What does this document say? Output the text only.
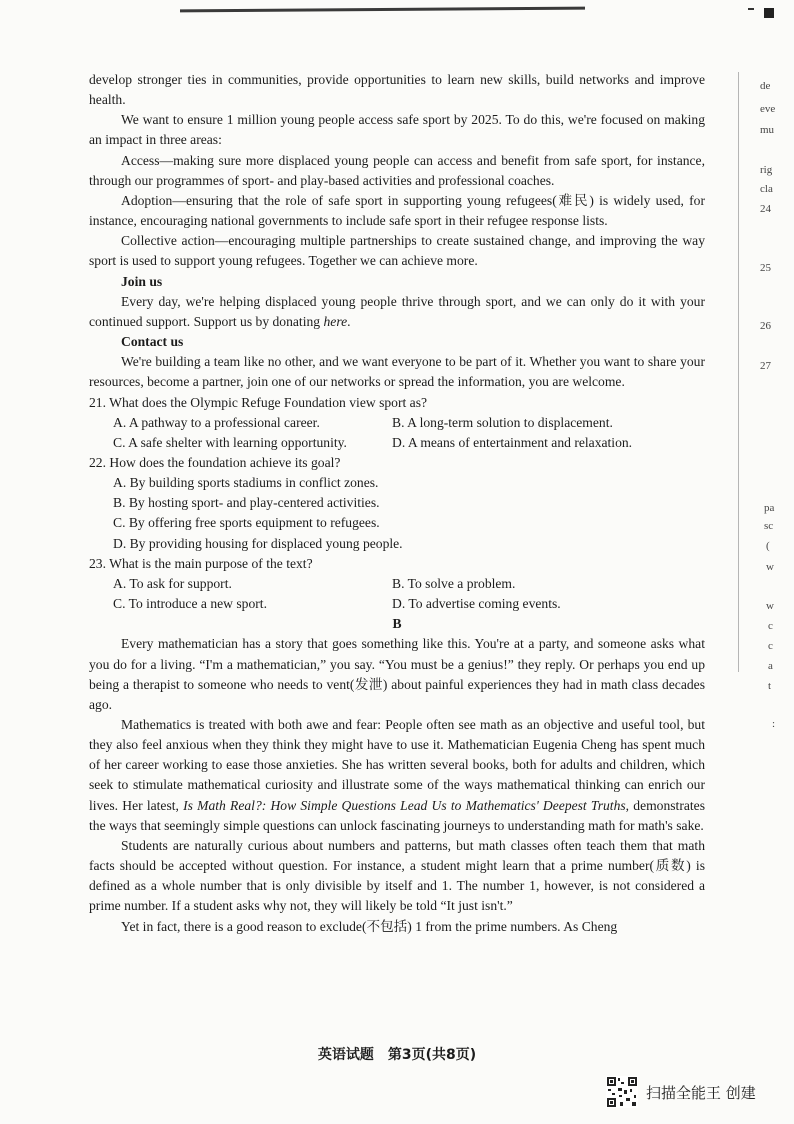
develop stronger ties in communities, provide opportunities to learn new skills, build networks and improve health.

We want to ensure 1 million young people access safe sport by 2025. To do this, we're focused on making an impact in three areas:

Access—making sure more displaced young people can access and benefit from safe sport, for instance, through our programmes of sport- and play-based activities and professional coaches.

Adoption—ensuring that the role of safe sport in supporting young refugees(难民) is widely used, for instance, encouraging national governments to include safe sport in their refugee response lists.

Collective action—encouraging multiple partnerships to create sustained change, and improving the way sport is used to support young refugees. Together we can achieve more.

Join us

Every day, we're helping displaced young people thrive through sport, and we can only do it with your continued support. Support us by donating here.

Contact us

We're building a team like no other, and we want everyone to be part of it. Whether you want to share your resources, become a partner, join one of our networks or spread the information, you are welcome.

21. What does the Olympic Refuge Foundation view sport as?

A. A pathway to a professional career.	B. A long-term solution to displacement.
C. A safe shelter with learning opportunity.	D. A means of entertainment and relaxation.

22. How does the foundation achieve its goal?

A. By building sports stadiums in conflict zones.

B. By hosting sport- and play-centered activities.

C. By offering free sports equipment to refugees.

D. By providing housing for displaced young people.

23. What is the main purpose of the text?

A. To ask for support.	B. To solve a problem.
C. To introduce a new sport.	D. To advertise coming events.

B

Every mathematician has a story that goes something like this. You're at a party, and someone asks what you do for a living. “I'm a mathematician,” you say. “You must be a genius!” they reply. Or perhaps you end up being a therapist to someone who needs to vent(发泄) about painful experiences they had in math class decades ago.

Mathematics is treated with both awe and fear: People often see math as an objective and useful tool, but they also feel anxious when they think they might have to use it. Mathematician Eugenia Cheng has spent much of her career working to ease those anxieties. She has written several books, both for adults and children, which seek to stimulate mathematical curiosity and illustrate some of the ways mathematical thinking can enrich our lives. Her latest, Is Math Real?: How Simple Questions Lead Us to Mathematics' Deepest Truths, demonstrates the ways that seemingly simple questions can unlock fascinating journeys to understanding math for math's sake.

Students are naturally curious about numbers and patterns, but math classes often teach them that math facts should be accepted without question. For instance, a student might learn that a prime number(质数) is defined as a whole number that is only divisible by itself and 1. The number 1, however, is not considered a prime number. If a student asks why not, they will likely be told “It just isn't.”

Yet in fact, there is a good reason to exclude(不包括) 1 from the prime numbers. As Cheng

英语试题　第3页(共8页)
扫描全能王 创建
de
eve
mu
rig
cla
24
25
26
27
pa
sc
(
w
w
c
c
a
t
:
